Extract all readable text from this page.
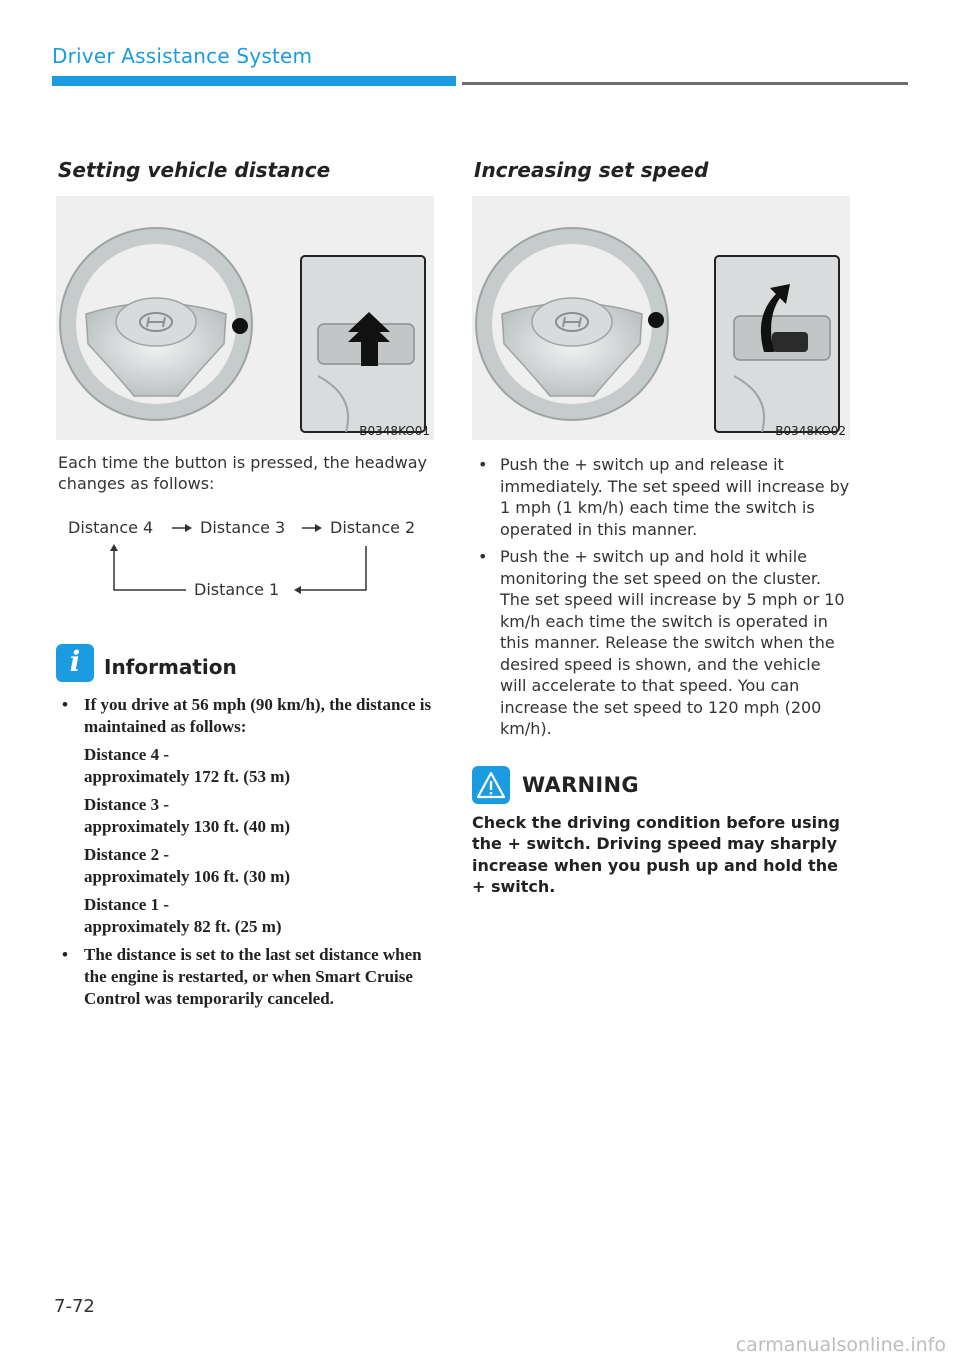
Driver Assistance System
Setting vehicle distance
B0348KO01
Each time the button is pressed, the headway changes as follows:
Distance 4	Distance 3	Distance 2
Distance 1
i	Information
• If you drive at 56 mph (90 km/h), the distance is maintained as follows:
Distance 4 -
approximately 172 ft. (53 m)
Distance 3 -
approximately 130 ft. (40 m)
Distance 2 -
approximately 106 ft. (30 m)
Distance 1 -
approximately 82 ft. (25 m)
• The distance is set to the last set distance when the engine is restarted, or when Smart Cruise Control was temporarily canceled.
Increasing set speed
B0348KO02
• Push the + switch up and release it immediately. The set speed will increase by 1 mph (1 km/h) each time the switch is operated in this manner.
• Push the + switch up and hold it while monitoring the set speed on the cluster. The set speed will increase by 5 mph or 10 km/h each time the switch is operated in this manner. Release the switch when the desired speed is shown, and the vehicle will accelerate to that speed. You can increase the set speed to 120 mph (200 km/h).
WARNING
Check the driving condition before using the + switch. Driving speed may sharply increase when you push up and hold the + switch.
7-72
carmanualsonline.info
